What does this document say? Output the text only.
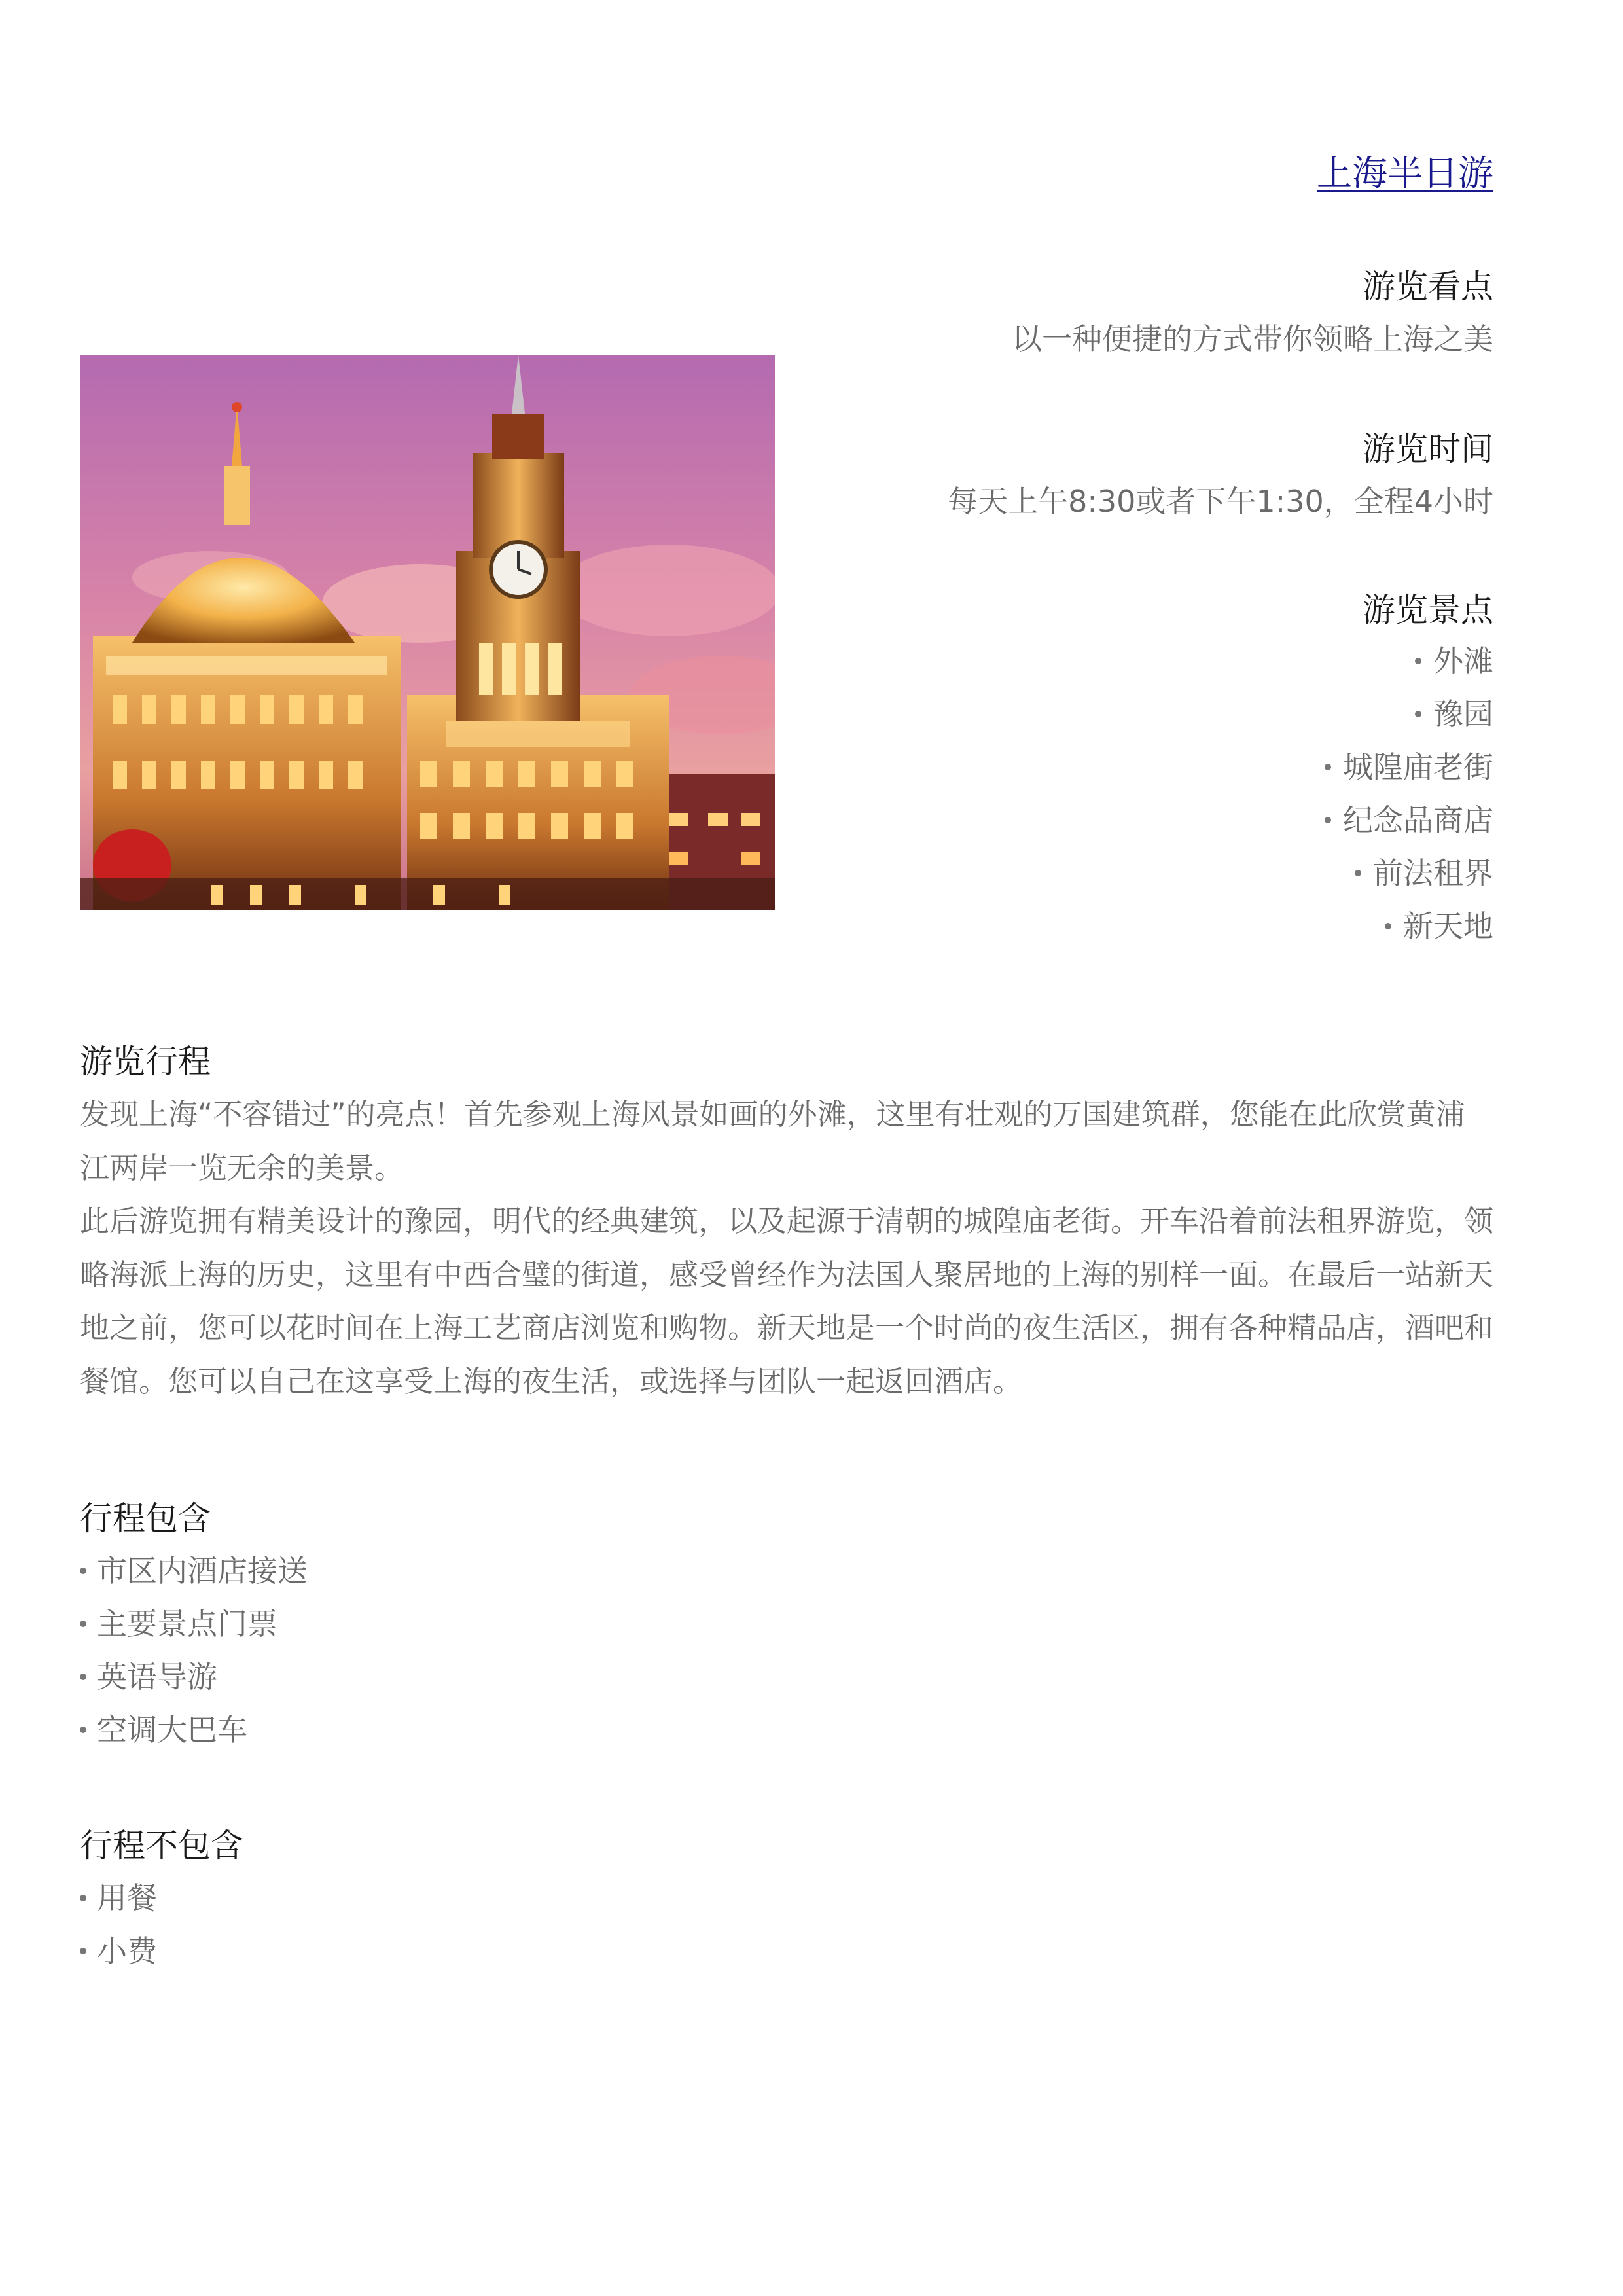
上海半日游
游览看点
以一种便捷的方式带你领略上海之美
游览时间
每天上午8:30或者下午1:30，全程4小时
游览景点
外滩
豫园
城隍庙老街
纪念品商店
前法租界
新天地
游览行程

发现上海“不容错过”的亮点！首先参观上海风景如画的外滩，这里有壮观的万国建筑群，您能在此欣赏黄浦江两岸一览无余的美景。

此后游览拥有精美设计的豫园，明代的经典建筑，以及起源于清朝的城隍庙老街。开车沿着前法租界游览，领略海派上海的历史，这里有中西合璧的街道，感受曾经作为法国人聚居地的上海的别样一面。在最后一站新天地之前，您可以花时间在上海工艺商店浏览和购物。新天地是一个时尚的夜生活区，拥有各种精品店，酒吧和餐馆。您可以自己在这享受上海的夜生活，或选择与团队一起返回酒店。

行程包含
市区内酒店接送
主要景点门票
英语导游
空调大巴车
行程不包含
用餐
小费
